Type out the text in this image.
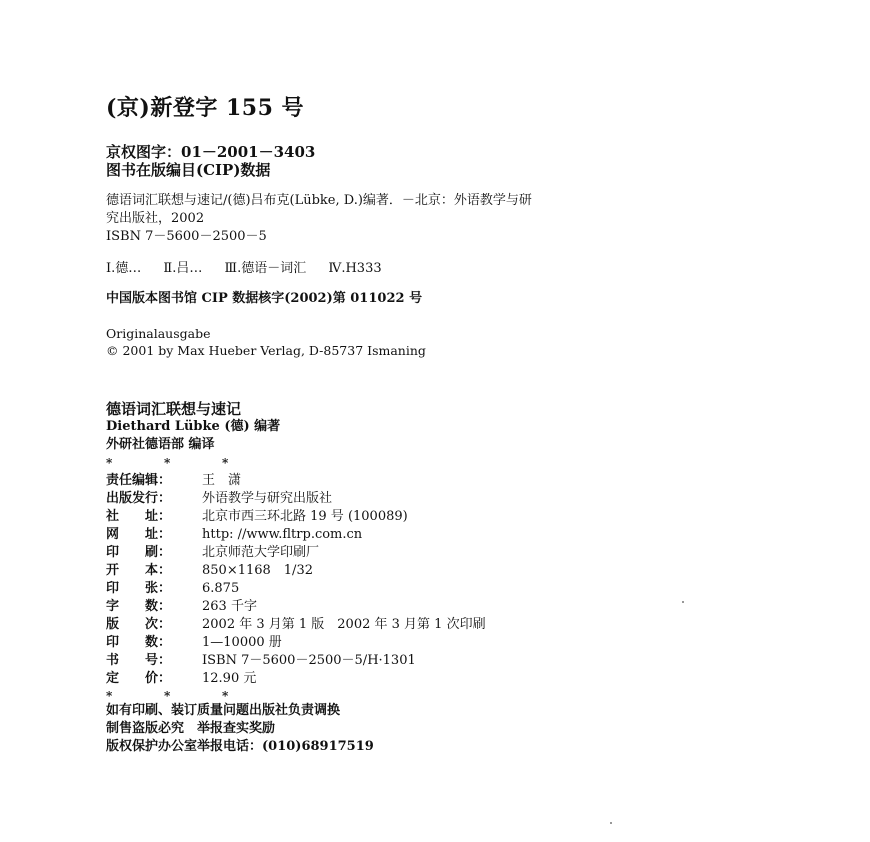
(京)新登字 155 号
京权图字：01－2001－3403
图书在版编目(CIP)数据
德语词汇联想与速记/(德)吕布克(Lübke, D.)编著．－北京：外语教学与研
究出版社，2002
ISBN 7－5600－2500－5
Ⅰ.德… Ⅱ.吕… Ⅲ.德语－词汇 Ⅳ.H333
中国版本图书馆 CIP 数据核字(2002)第 011022 号
Originalausgabe
© 2001 by Max Hueber Verlag, D-85737 Ismaning
德语词汇联想与速记
Diethard Lübke (德) 编著
外研社德语部 编译
*	*	*
责任编辑：	王　潇
出版发行：	外语教学与研究出版社
社　　址：	北京市西三环北路 19 号 (100089)
网　　址：	http: //www.fltrp.com.cn
印　　刷：	北京师范大学印刷厂
开　　本：	850×1168　1/32
印　　张：	6.875
字　　数：	263 千字
版　　次：	2002 年 3 月第 1 版　2002 年 3 月第 1 次印刷
印　　数：	1—10000 册
书　　号：	ISBN 7－5600－2500－5/H·1301
定　　价：	12.90 元
*	*	*
如有印刷、装订质量问题出版社负责调换
制售盗版必究　举报查实奖励
版权保护办公室举报电话：(010)68917519
